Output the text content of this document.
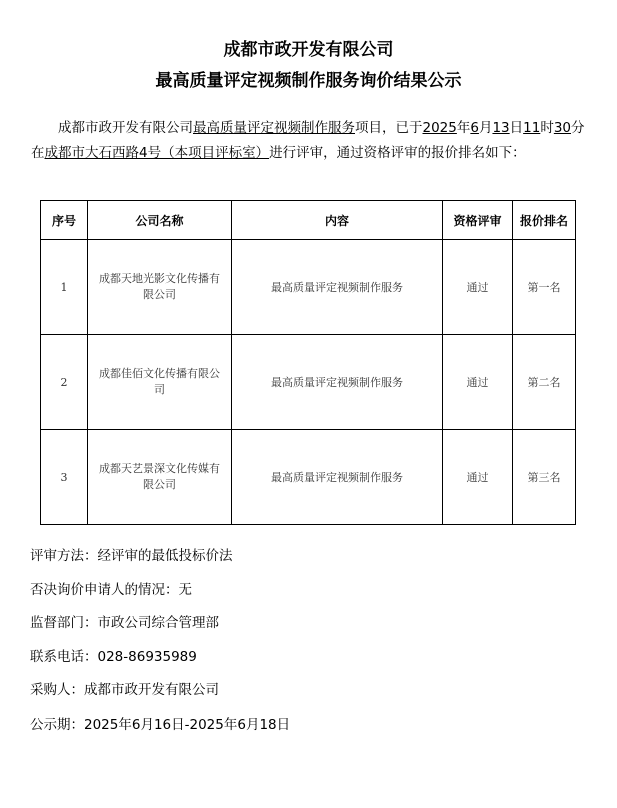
成都市政开发有限公司
最高质量评定视频制作服务询价结果公示
成都市政开发有限公司最高质量评定视频制作服务项目，已于2025年6月13日11时30分在成都市大石西路4号（本项目评标室）进行评审，通过资格评审的报价排名如下：
序号	公司名称	内容	资格评审	报价排名
1	成都天地光影文化传播有限公司	最高质量评定视频制作服务	通过	第一名
2	成都佳佰文化传播有限公司	最高质量评定视频制作服务	通过	第二名
3	成都天艺景深文化传媒有限公司	最高质量评定视频制作服务	通过	第三名
评审方法：经评审的最低投标价法
否决询价申请人的情况：无
监督部门：市政公司综合管理部
联系电话：028-86935989
采购人：成都市政开发有限公司
公示期：2025年6月16日-2025年6月18日
